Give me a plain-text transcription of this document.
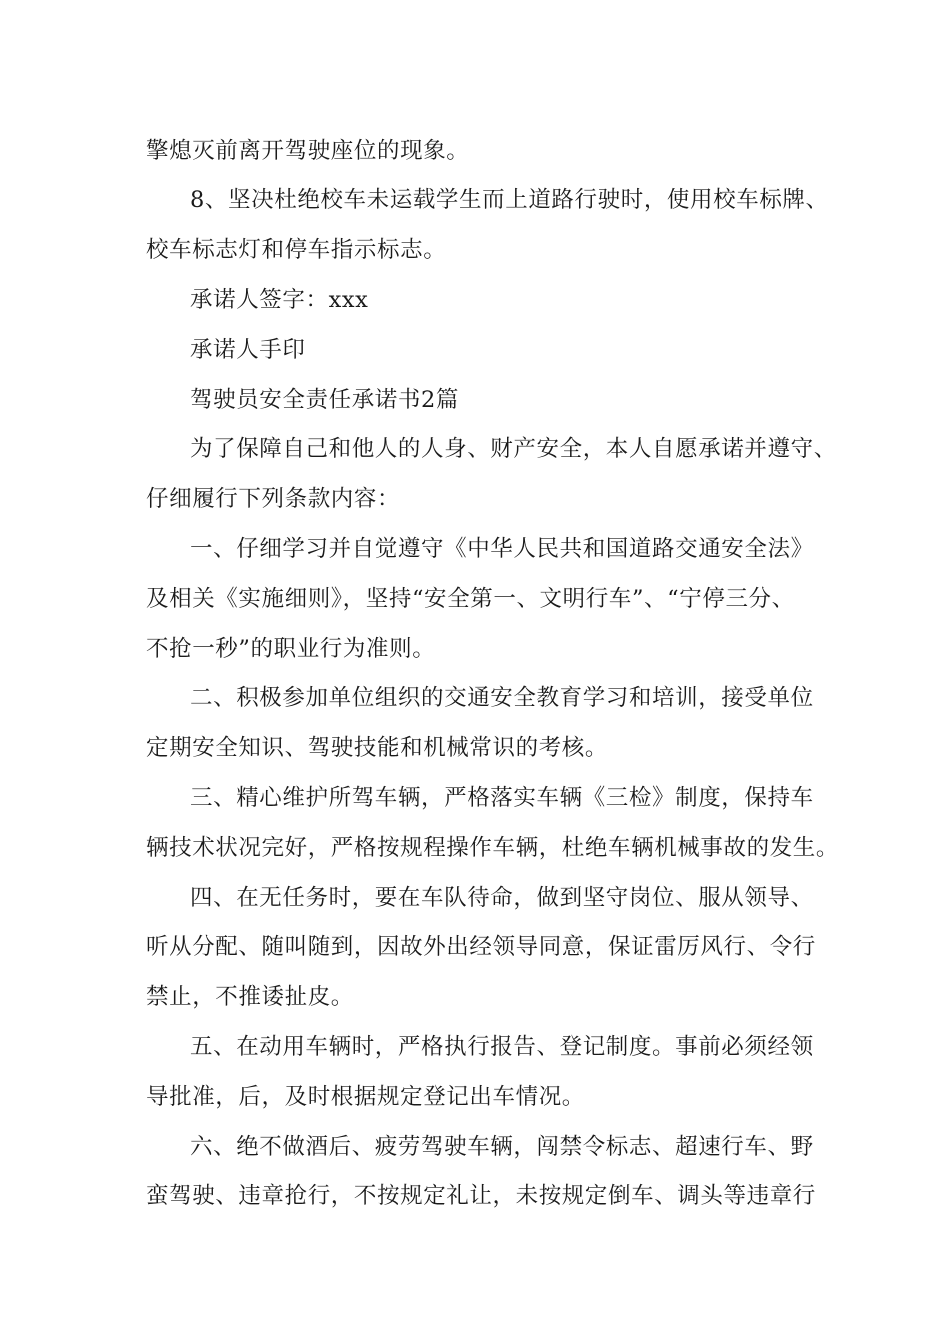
擎熄灭前离开驾驶座位的现象。
8、坚决杜绝校车未运载学生而上道路行驶时，使用校车标牌、
校车标志灯和停车指示标志。
承诺人签字：xxx
承诺人手印
驾驶员安全责任承诺书2篇
为了保障自己和他人的人身、财产安全，本人自愿承诺并遵守、
仔细履行下列条款内容：
一、仔细学习并自觉遵守《中华人民共和国道路交通安全法》
及相关《实施细则》，坚持“安全第一、文明行车”、“宁停三分、
不抢一秒”的职业行为准则。
二、积极参加单位组织的交通安全教育学习和培训，接受单位
定期安全知识、驾驶技能和机械常识的考核。
三、精心维护所驾车辆，严格落实车辆《三检》制度，保持车
辆技术状况完好，严格按规程操作车辆，杜绝车辆机械事故的发生。
四、在无任务时，要在车队待命，做到坚守岗位、服从领导、
听从分配、随叫随到，因故外出经领导同意，保证雷厉风行、令行
禁止，不推诿扯皮。
五、在动用车辆时，严格执行报告、登记制度。事前必须经领
导批准，后，及时根据规定登记出车情况。
六、绝不做酒后、疲劳驾驶车辆，闯禁令标志、超速行车、野
蛮驾驶、违章抢行，不按规定礼让，未按规定倒车、调头等违章行
